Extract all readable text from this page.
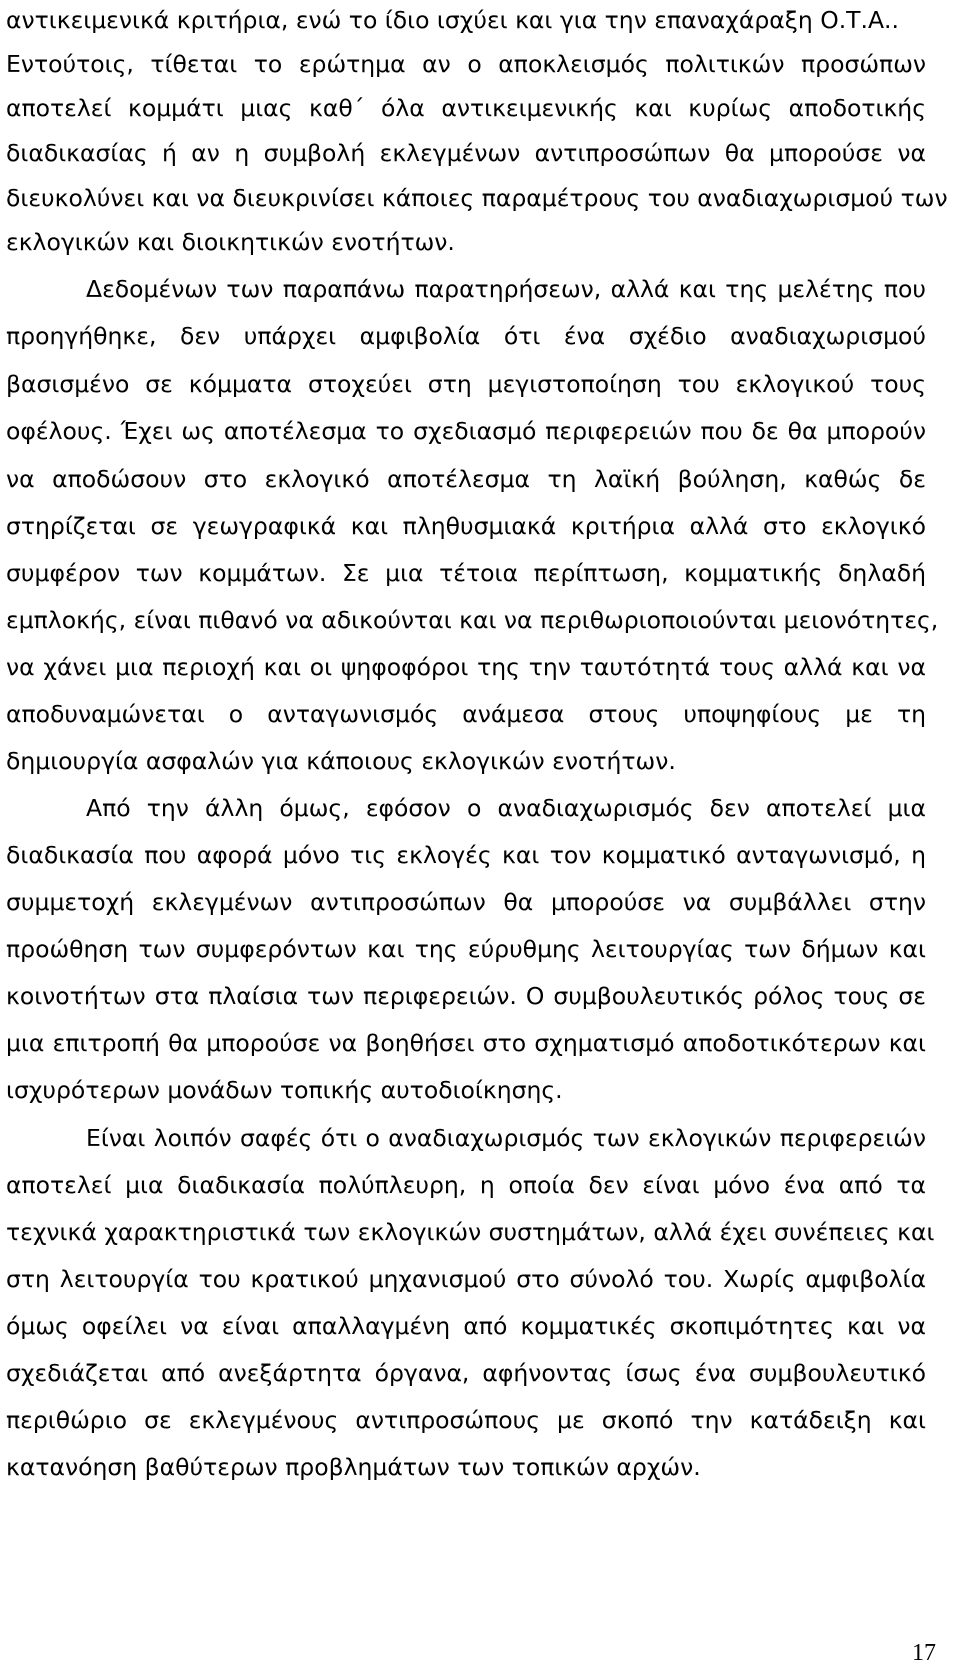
αντικειμενικά κριτήρια, ενώ το ίδιο ισχύει και για την επαναχάραξη Ο.Τ.Α..
Εντούτοις, τίθεται το ερώτημα αν ο αποκλεισμός πολιτικών προσώπων
αποτελεί κομμάτι μιας καθ΄ όλα αντικειμενικής και κυρίως αποδοτικής
διαδικασίας ή αν η συμβολή εκλεγμένων αντιπροσώπων θα μπορούσε να
διευκολύνει και να διευκρινίσει κάποιες παραμέτρους του αναδιαχωρισμού των
εκλογικών και διοικητικών ενοτήτων.
Δεδομένων των παραπάνω παρατηρήσεων, αλλά και της μελέτης που
προηγήθηκε, δεν υπάρχει αμφιβολία ότι ένα σχέδιο αναδιαχωρισμού
βασισμένο σε κόμματα στοχεύει στη μεγιστοποίηση του εκλογικού τους
οφέλους. Έχει ως αποτέλεσμα το σχεδιασμό περιφερειών που δε θα μπορούν
να αποδώσουν στο εκλογικό αποτέλεσμα τη λαϊκή βούληση, καθώς δε
στηρίζεται σε γεωγραφικά και πληθυσμιακά κριτήρια αλλά στο εκλογικό
συμφέρον των κομμάτων. Σε μια τέτοια περίπτωση, κομματικής δηλαδή
εμπλοκής, είναι πιθανό να αδικούνται και να περιθωριοποιούνται μειονότητες,
να χάνει μια περιοχή και οι ψηφοφόροι της την ταυτότητά τους αλλά και να
αποδυναμώνεται ο ανταγωνισμός ανάμεσα στους υποψηφίους με τη
δημιουργία ασφαλών για κάποιους εκλογικών ενοτήτων.
Από την άλλη όμως, εφόσον ο αναδιαχωρισμός δεν αποτελεί μια
διαδικασία που αφορά μόνο τις εκλογές και τον κομματικό ανταγωνισμό, η
συμμετοχή εκλεγμένων αντιπροσώπων θα μπορούσε να συμβάλλει στην
προώθηση των συμφερόντων και της εύρυθμης λειτουργίας των δήμων και
κοινοτήτων στα πλαίσια των περιφερειών. Ο συμβουλευτικός ρόλος τους σε
μια επιτροπή θα μπορούσε να βοηθήσει στο σχηματισμό αποδοτικότερων και
ισχυρότερων μονάδων τοπικής αυτοδιοίκησης.
Είναι λοιπόν σαφές ότι ο αναδιαχωρισμός των εκλογικών περιφερειών
αποτελεί μια διαδικασία πολύπλευρη, η οποία δεν είναι μόνο ένα από τα
τεχνικά χαρακτηριστικά των εκλογικών συστημάτων, αλλά έχει συνέπειες και
στη λειτουργία του κρατικού μηχανισμού στο σύνολό του. Χωρίς αμφιβολία
όμως οφείλει να είναι απαλλαγμένη από κομματικές σκοπιμότητες και να
σχεδιάζεται από ανεξάρτητα όργανα, αφήνοντας ίσως ένα συμβουλευτικό
περιθώριο σε εκλεγμένους αντιπροσώπους με σκοπό την κατάδειξη και
κατανόηση βαθύτερων προβλημάτων των τοπικών αρχών.
17
